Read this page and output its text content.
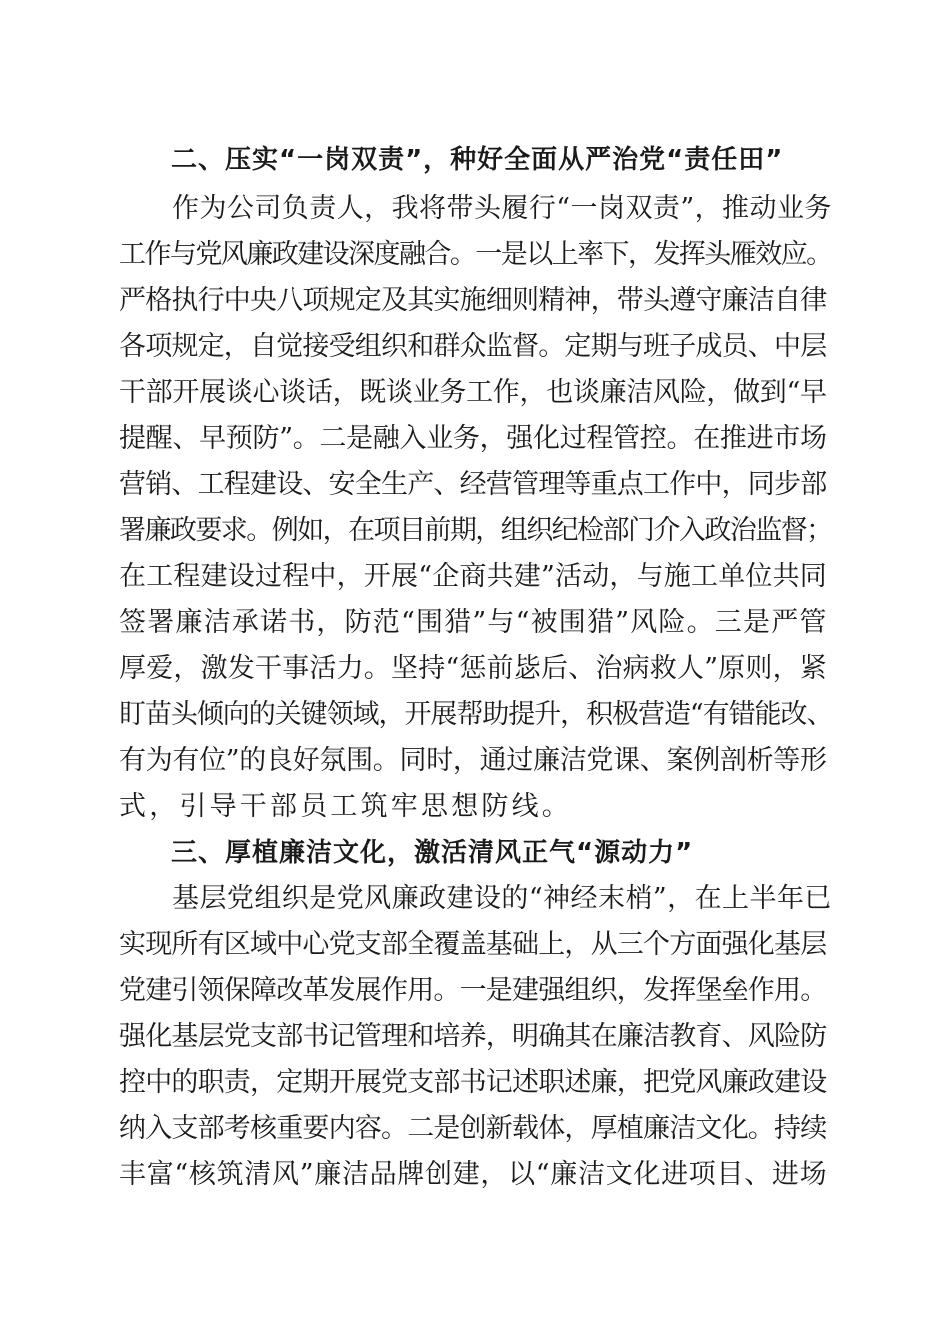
二、压实“一岗双责”，种好全面从严治党“责任田”
作为公司负责人，我将带头履行“一岗双责”，推动业务
工作与党风廉政建设深度融合。一是以上率下，发挥头雁效应。
严格执行中央八项规定及其实施细则精神，带头遵守廉洁自律
各项规定，自觉接受组织和群众监督。定期与班子成员、中层
干部开展谈心谈话，既谈业务工作，也谈廉洁风险，做到“早
提醒、早预防”。二是融入业务，强化过程管控。在推进市场
营销、工程建设、安全生产、经营管理等重点工作中，同步部
署廉政要求。例如，在项目前期，组织纪检部门介入政治监督；
在工程建设过程中，开展“企商共建”活动，与施工单位共同
签署廉洁承诺书，防范“围猎”与“被围猎”风险。三是严管
厚爱，激发干事活力。坚持“惩前毖后、治病救人”原则，紧
盯苗头倾向的关键领域，开展帮助提升，积极营造“有错能改、
有为有位”的良好氛围。同时，通过廉洁党课、案例剖析等形
式，引导干部员工筑牢思想防线。
三、厚植廉洁文化，激活清风正气“源动力”
基层党组织是党风廉政建设的“神经末梢”，在上半年已
实现所有区域中心党支部全覆盖基础上，从三个方面强化基层
党建引领保障改革发展作用。一是建强组织，发挥堡垒作用。
强化基层党支部书记管理和培养，明确其在廉洁教育、风险防
控中的职责，定期开展党支部书记述职述廉，把党风廉政建设
纳入支部考核重要内容。二是创新载体，厚植廉洁文化。持续
丰富“核筑清风”廉洁品牌创建，以“廉洁文化进项目、进场
